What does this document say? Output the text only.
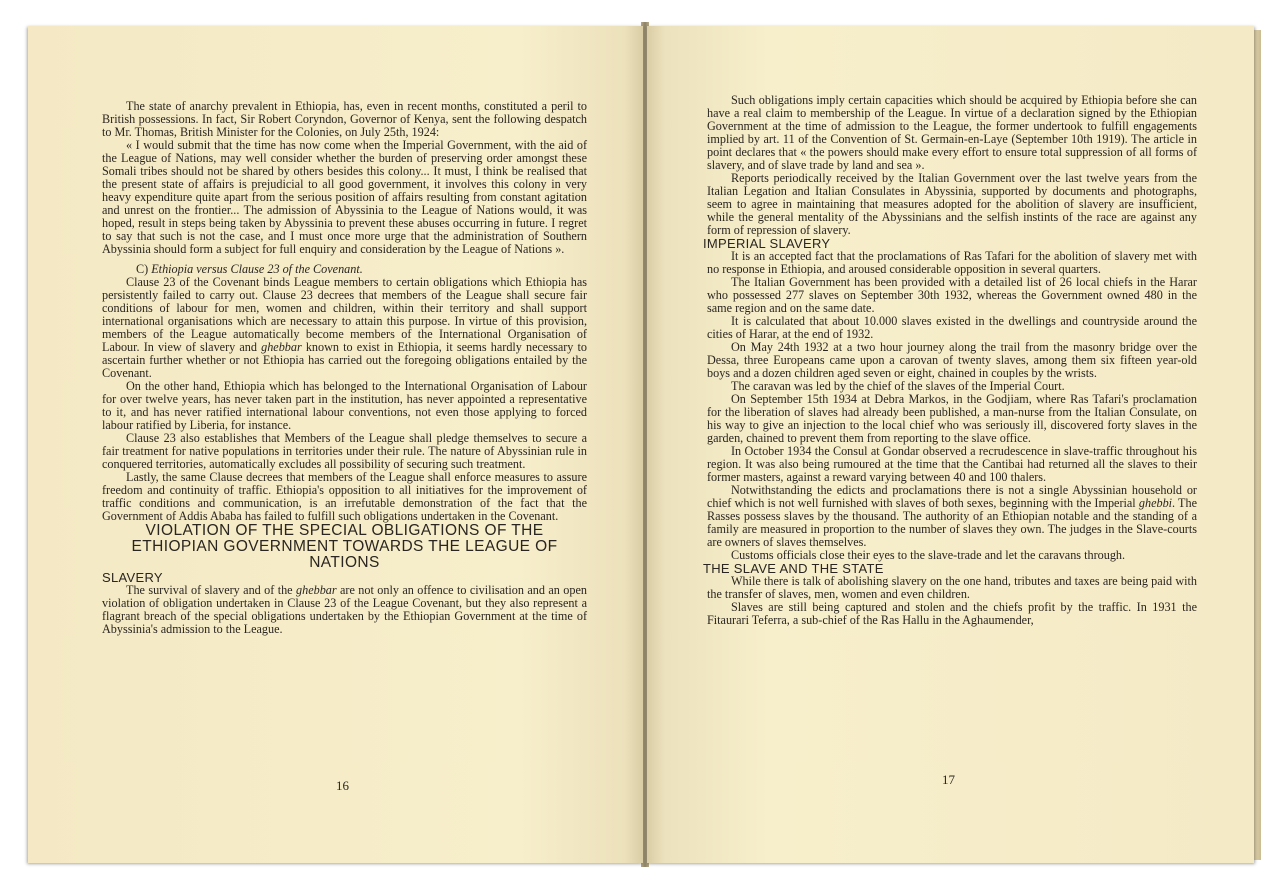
The state of anarchy prevalent in Ethiopia, has, even in recent months, constituted a peril to British possessions. In fact, Sir Robert Coryndon, Governor of Kenya, sent the following despatch to Mr. Thomas, British Minister for the Colonies, on July 25th, 1924:

« I would submit that the time has now come when the Imperial Government, with the aid of the League of Nations, may well consider whether the burden of preserving order amongst these Somali tribes should not be shared by others besides this colony... It must, I think be realised that the present state of affairs is prejudicial to all good government, it involves this colony in very heavy expenditure quite apart from the serious position of affairs resulting from constant agitation and unrest on the frontier... The admission of Abyssinia to the League of Nations would, it was hoped, result in steps being taken by Abyssinia to prevent these abuses occurring in future. I regret to say that such is not the case, and I must once more urge that the administration of Southern Abyssinia should form a subject for full enquiry and consideration by the League of Nations ».

C) Ethiopia versus Clause 23 of the Covenant.

Clause 23 of the Covenant binds League members to certain obligations which Ethiopia has persistently failed to carry out. Clause 23 decrees that members of the League shall secure fair conditions of labour for men, women and children, within their territory and shall support international organisations which are necessary to attain this purpose. In virtue of this provision, members of the League automatically become members of the International Organisation of Labour. In view of slavery and ghebbar known to exist in Ethiopia, it seems hardly necessary to ascertain further whether or not Ethiopia has carried out the foregoing obligations entailed by the Covenant.

On the other hand, Ethiopia which has belonged to the International Organisation of Labour for over twelve years, has never taken part in the institution, has never appointed a representative to it, and has never ratified international labour conventions, not even those applying to forced labour ratified by Liberia, for instance.

Clause 23 also establishes that Members of the League shall pledge themselves to secure a fair treatment for native populations in territories under their rule. The nature of Abyssinian rule in conquered territories, automatically excludes all possibility of securing such treatment.

Lastly, the same Clause decrees that members of the League shall enforce measures to assure freedom and continuity of traffic. Ethiopia's opposition to all initiatives for the improvement of traffic conditions and communication, is an irrefutable demonstration of the fact that the Government of Addis Ababa has failed to fulfill such obligations undertaken in the Covenant.

VIOLATION OF THE SPECIAL OBLIGATIONS OF THE ETHIOPIAN GOVERNMENT TOWARDS THE LEAGUE OF NATIONS

SLAVERY

The survival of slavery and of the ghebbar are not only an offence to civilisation and an open violation of obligation undertaken in Clause 23 of the League Covenant, but they also represent a flagrant breach of the special obligations undertaken by the Ethiopian Government at the time of Abyssinia's admission to the League.

16

Such obligations imply certain capacities which should be acquired by Ethiopia before she can have a real claim to membership of the League. In virtue of a declaration signed by the Ethiopian Government at the time of admission to the League, the former undertook to fulfill engagements implied by art. 11 of the Convention of St. Germain-en-Laye (September 10th 1919). The article in point declares that « the powers should make every effort to ensure total suppression of all forms of slavery, and of slave trade by land and sea ».

Reports periodically received by the Italian Government over the last twelve years from the Italian Legation and Italian Consulates in Abyssinia, supported by documents and photographs, seem to agree in maintaining that measures adopted for the abolition of slavery are insufficient, while the general mentality of the Abyssinians and the selfish instints of the race are against any form of repression of slavery.

IMPERIAL SLAVERY

It is an accepted fact that the proclamations of Ras Tafari for the abolition of slavery met with no response in Ethiopia, and aroused considerable opposition in several quarters.

The Italian Government has been provided with a detailed list of 26 local chiefs in the Harar who possessed 277 slaves on September 30th 1932, whereas the Government owned 480 in the same region and on the same date.

It is calculated that about 10.000 slaves existed in the dwellings and countryside around the cities of Harar, at the end of 1932.

On May 24th 1932 at a two hour journey along the trail from the masonry bridge over the Dessa, three Europeans came upon a carovan of twenty slaves, among them six fifteen year-old boys and a dozen children aged seven or eight, chained in couples by the wrists.

The caravan was led by the chief of the slaves of the Imperial Court.

On September 15th 1934 at Debra Markos, in the Godjiam, where Ras Tafari's proclamation for the liberation of slaves had already been published, a man-nurse from the Italian Consulate, on his way to give an injection to the local chief who was seriously ill, discovered forty slaves in the garden, chained to prevent them from reporting to the slave office.

In October 1934 the Consul at Gondar observed a recrudescence in slave-traffic throughout his region. It was also being rumoured at the time that the Cantibai had returned all the slaves to their former masters, against a reward varying between 40 and 100 thalers.

Notwithstanding the edicts and proclamations there is not a single Abyssinian household or chief which is not well furnished with slaves of both sexes, beginning with the Imperial ghebbi. The Rasses possess slaves by the thousand. The authority of an Ethiopian notable and the standing of a family are measured in proportion to the number of slaves they own. The judges in the Slave-courts are owners of slaves themselves.

Customs officials close their eyes to the slave-trade and let the caravans through.

THE SLAVE AND THE STATE

While there is talk of abolishing slavery on the one hand, tributes and taxes are being paid with the transfer of slaves, men, women and even children.

Slaves are still being captured and stolen and the chiefs profit by the traffic. In 1931 the Fitaurari Teferra, a sub-chief of the Ras Hallu in the Aghaumender,

17
